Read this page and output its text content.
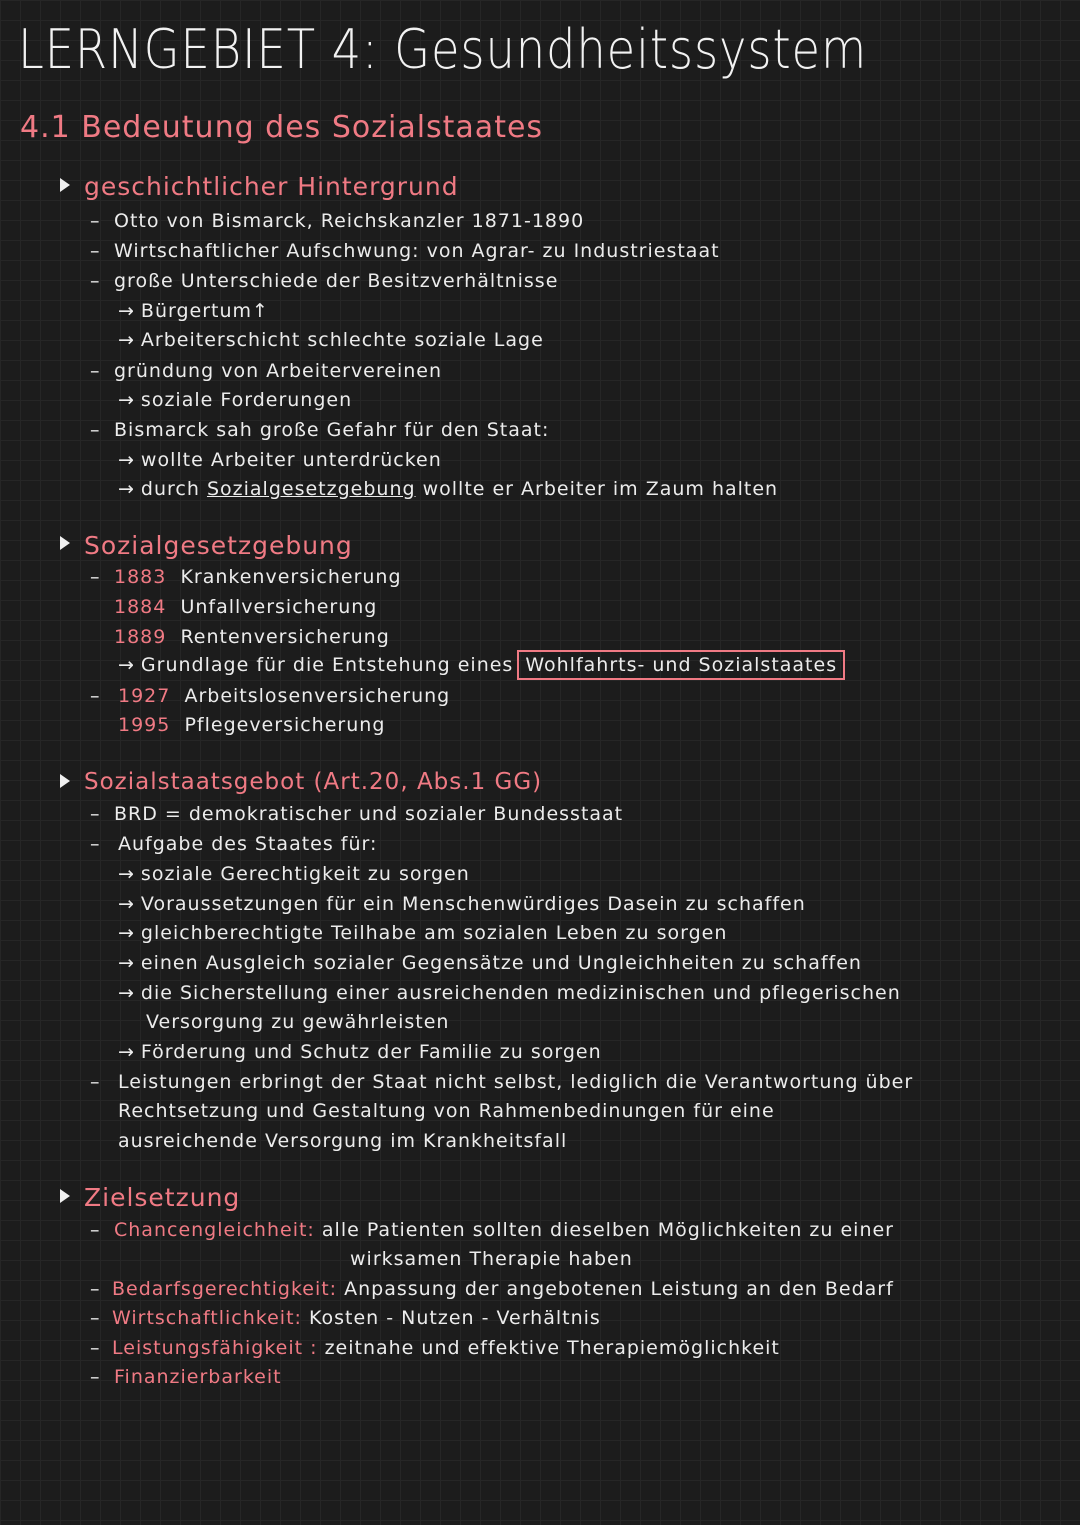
LERNGEBIET 4: Gesundheitssystem
4.1 Bedeutung des Sozialstaates
geschichtlicher Hintergrund
– Otto von Bismarck, Reichskanzler 1871-1890
– Wirtschaftlicher Aufschwung: von Agrar- zu Industriestaat
– große Unterschiede der Besitzverhältnisse
→ Bürgertum↑
→ Arbeiterschicht schlechte soziale Lage
– gründung von Arbeitervereinen
→ soziale Forderungen
– Bismarck sah große Gefahr für den Staat:
→ wollte Arbeiter unterdrücken
→ durch Sozialgesetzgebung wollte er Arbeiter im Zaum halten
Sozialgesetzgebung
– 1883 Krankenversicherung
1884 Unfallversicherung
1889 Rentenversicherung
→ Grundlage für die Entstehung eines Wohlfahrts- und Sozialstaates
– 1927 Arbeitslosenversicherung
1995 Pflegeversicherung
Sozialstaatsgebot (Art.20, Abs.1 GG)
– BRD = demokratischer und sozialer Bundesstaat
– Aufgabe des Staates für:
→ soziale Gerechtigkeit zu sorgen
→ Voraussetzungen für ein Menschenwürdiges Dasein zu schaffen
→ gleichberechtigte Teilhabe am sozialen Leben zu sorgen
→ einen Ausgleich sozialer Gegensätze und Ungleichheiten zu schaffen
→ die Sicherstellung einer ausreichenden medizinischen und pflegerischen
Versorgung zu gewährleisten
→ Förderung und Schutz der Familie zu sorgen
– Leistungen erbringt der Staat nicht selbst, lediglich die Verantwortung über
Rechtsetzung und Gestaltung von Rahmenbedinungen für eine
ausreichende Versorgung im Krankheitsfall
Zielsetzung
– Chancengleichheit: alle Patienten sollten dieselben Möglichkeiten zu einer
wirksamen Therapie haben
– Bedarfsgerechtigkeit: Anpassung der angebotenen Leistung an den Bedarf
– Wirtschaftlichkeit: Kosten - Nutzen - Verhältnis
– Leistungsfähigkeit : zeitnahe und effektive Therapiemöglichkeit
– Finanzierbarkeit
